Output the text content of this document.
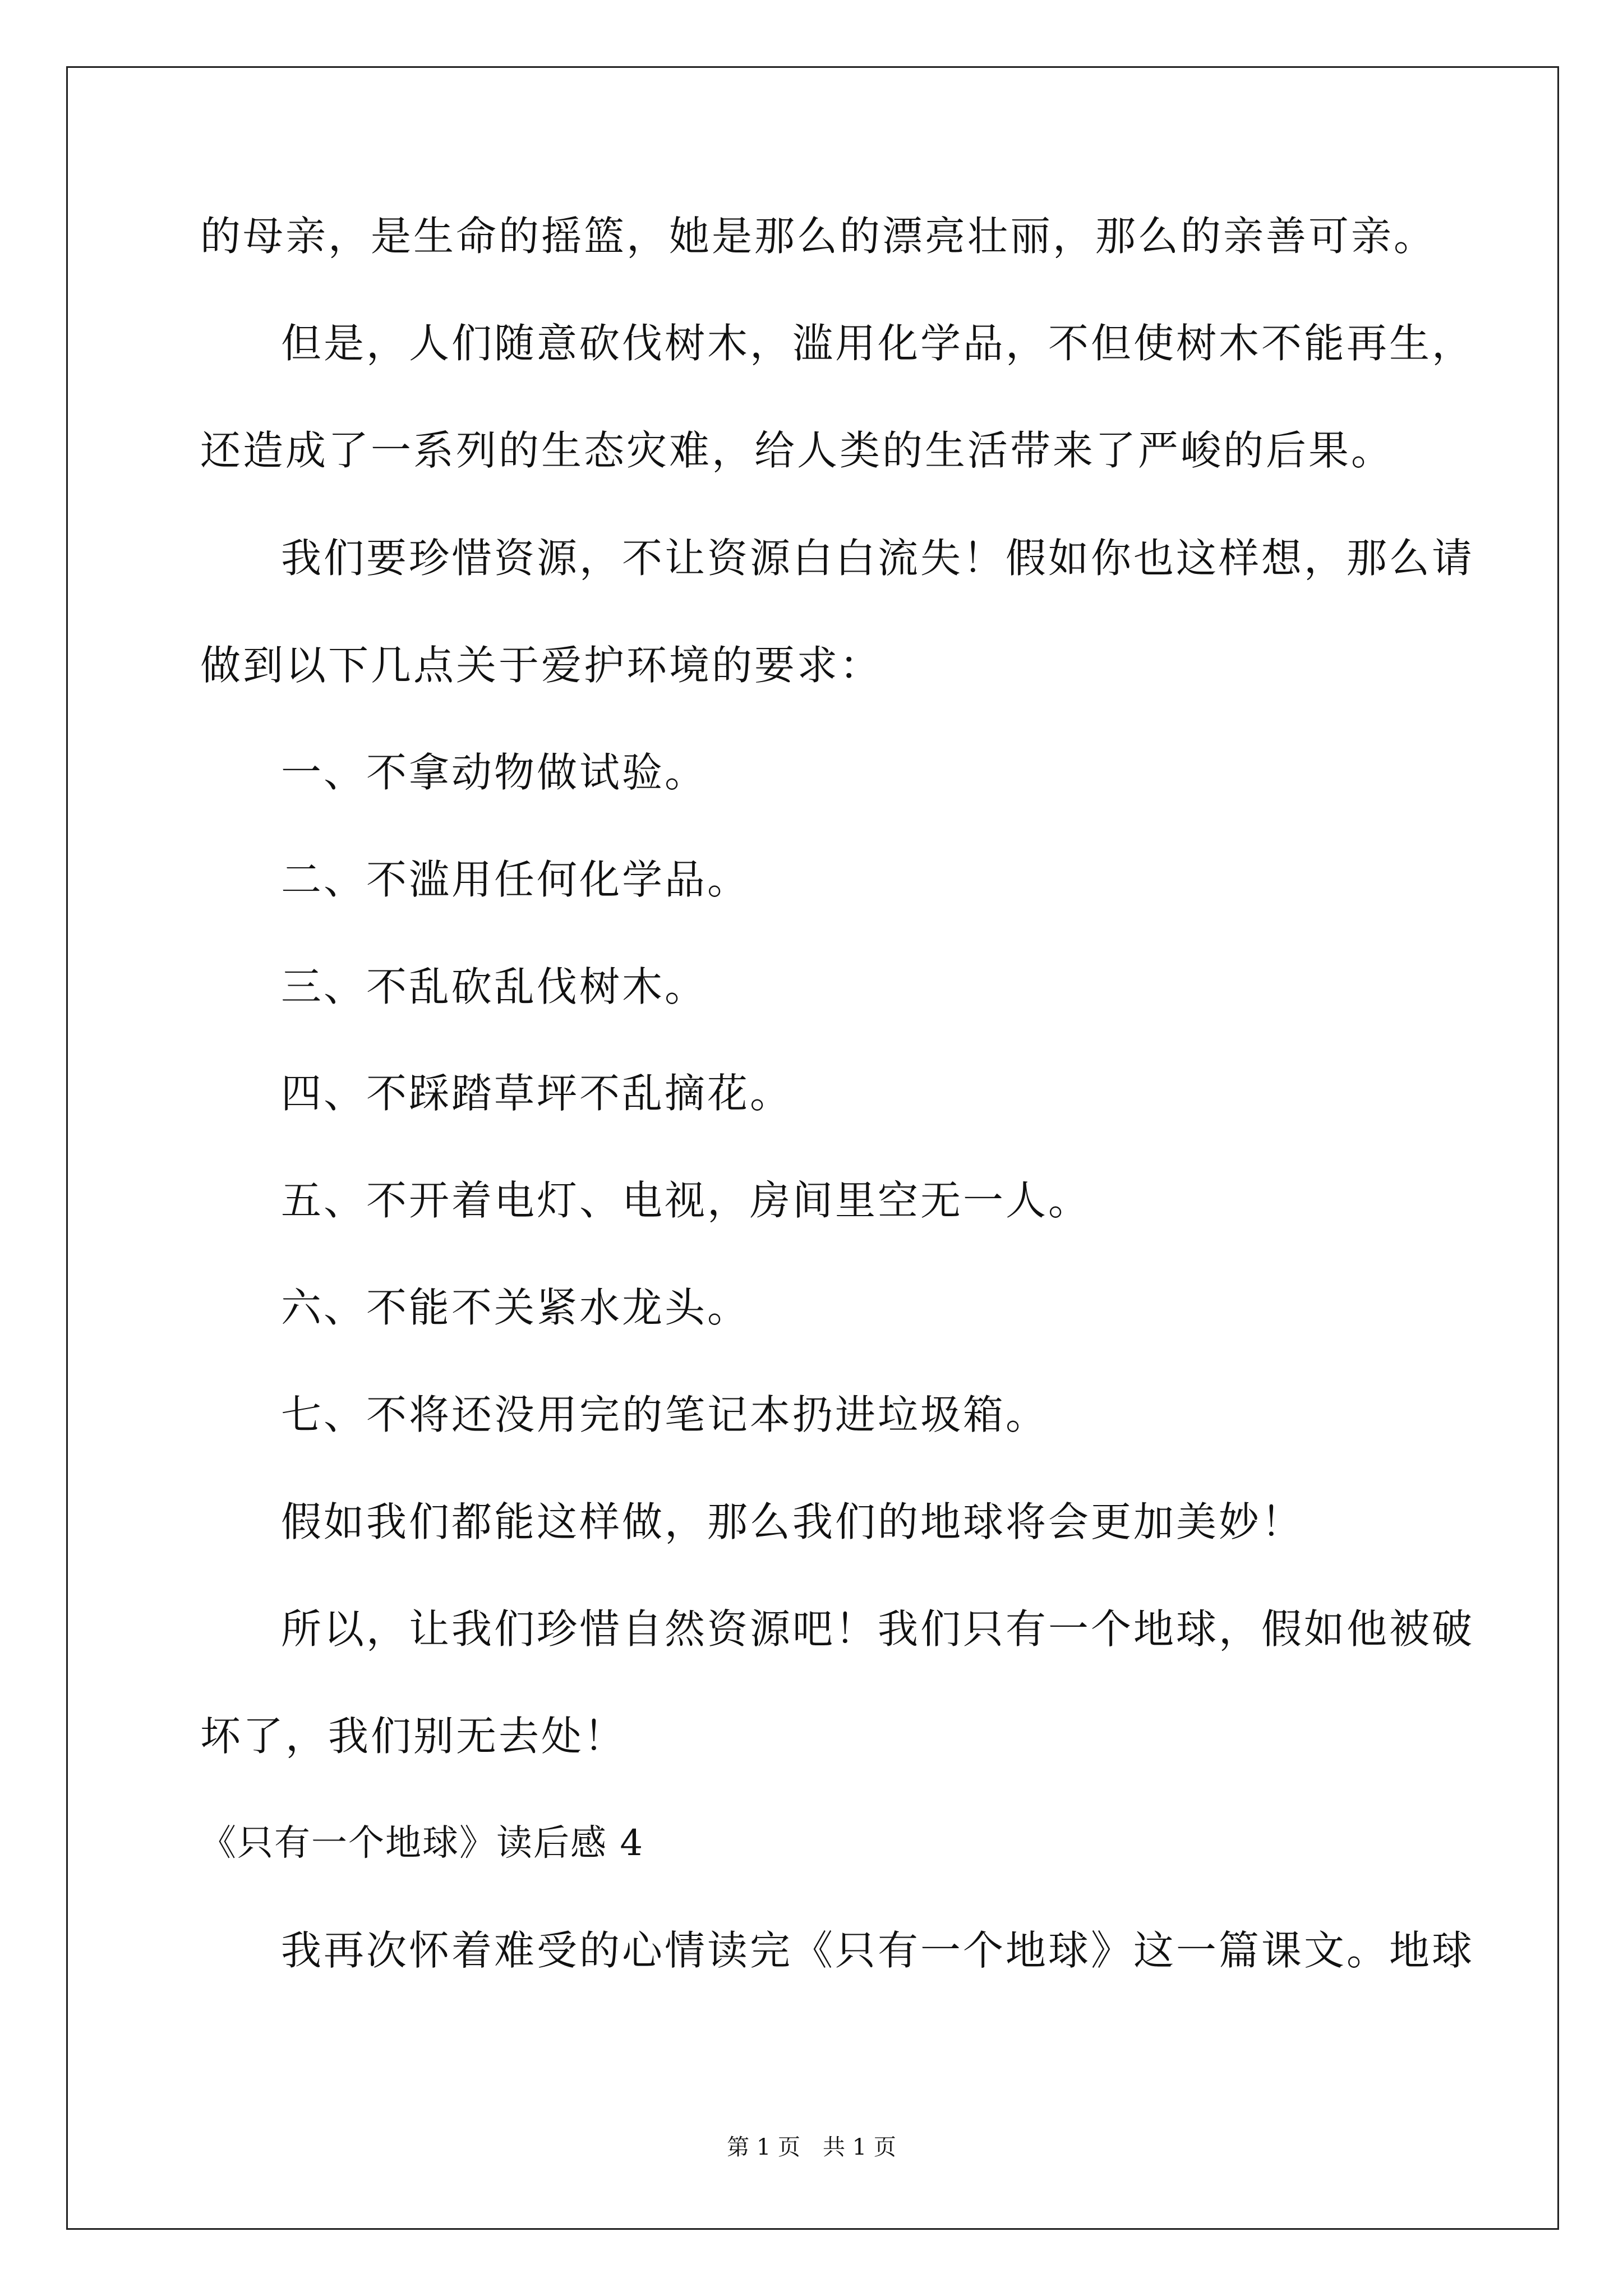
的母亲，是生命的摇篮，她是那么的漂亮壮丽，那么的亲善可亲。
但是，人们随意砍伐树木，滥用化学品，不但使树木不能再生，
还造成了一系列的生态灾难，给人类的生活带来了严峻的后果。
我们要珍惜资源，不让资源白白流失！假如你也这样想，那么请
做到以下几点关于爱护环境的要求：
一、不拿动物做试验。
二、不滥用任何化学品。
三、不乱砍乱伐树木。
四、不踩踏草坪不乱摘花。
五、不开着电灯、电视，房间里空无一人。
六、不能不关紧水龙头。
七、不将还没用完的笔记本扔进垃圾箱。
假如我们都能这样做，那么我们的地球将会更加美妙！
所以，让我们珍惜自然资源吧！我们只有一个地球，假如他被破
坏了，我们别无去处！
《只有一个地球》读后感 4
我再次怀着难受的心情读完《只有一个地球》这一篇课文。地球
第 1 页　共 1 页
